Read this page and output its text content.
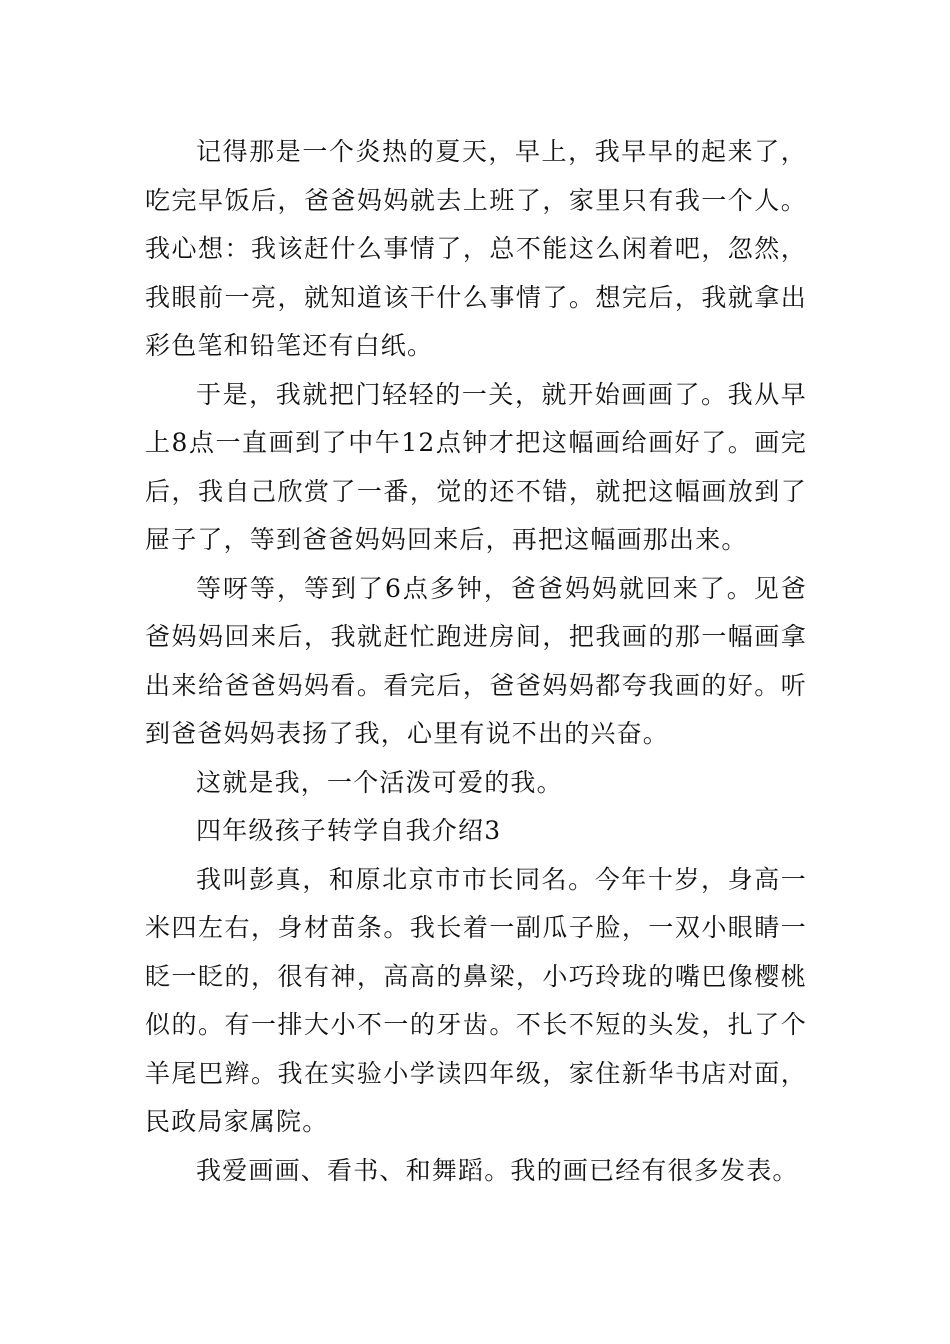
记得那是一个炎热的夏天，早上，我早早的起来了，吃完早饭后，爸爸妈妈就去上班了，家里只有我一个人。我心想：我该赶什么事情了，总不能这么闲着吧，忽然，我眼前一亮，就知道该干什么事情了。想完后，我就拿出彩色笔和铅笔还有白纸。

于是，我就把门轻轻的一关，就开始画画了。我从早上8点一直画到了中午12点钟才把这幅画给画好了。画完后，我自己欣赏了一番，觉的还不错，就把这幅画放到了屉子了，等到爸爸妈妈回来后，再把这幅画那出来。

等呀等，等到了6点多钟，爸爸妈妈就回来了。见爸爸妈妈回来后，我就赶忙跑进房间，把我画的那一幅画拿出来给爸爸妈妈看。看完后，爸爸妈妈都夸我画的好。听到爸爸妈妈表扬了我，心里有说不出的兴奋。

这就是我，一个活泼可爱的我。

四年级孩子转学自我介绍3

我叫彭真，和原北京市市长同名。今年十岁，身高一米四左右，身材苗条。我长着一副瓜子脸，一双小眼睛一眨一眨的，很有神，高高的鼻梁，小巧玲珑的嘴巴像樱桃似的。有一排大小不一的牙齿。不长不短的头发，扎了个羊尾巴辫。我在实验小学读四年级，家住新华书店对面，民政局家属院。

我爱画画、看书、和舞蹈。我的画已经有很多发表。
